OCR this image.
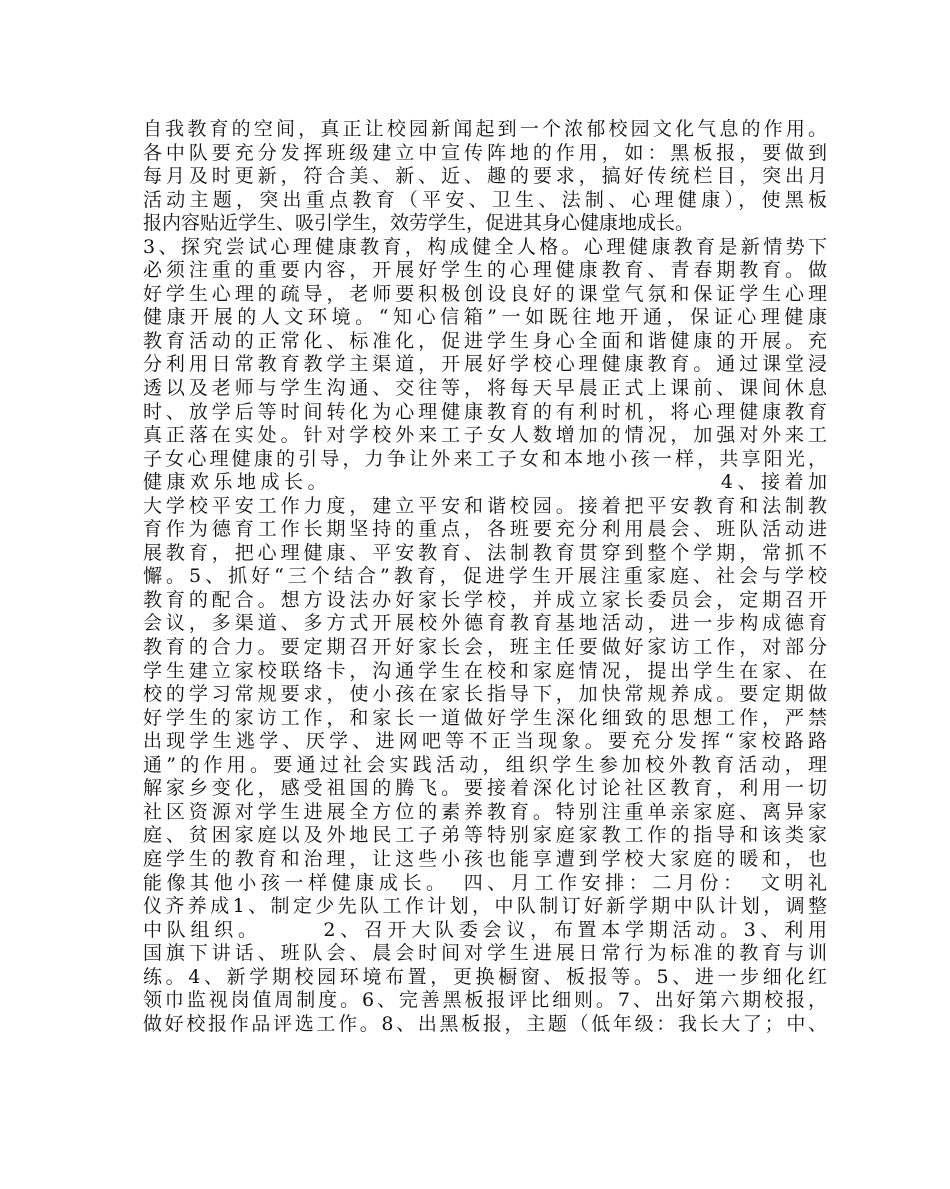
自我教育的空间，真正让校园新闻起到一个浓郁校园文化气息的作用。
各中队要充分发挥班级建立中宣传阵地的作用，如：黑板报，要做到
每月及时更新，符合美、新、近、趣的要求，搞好传统栏目，突出月
活动主题，突出重点教育（平安、卫生、法制、心理健康），使黑板
报内容贴近学生、吸引学生，效劳学生，促进其身心健康地成长。
3、探究尝试心理健康教育，构成健全人格。心理健康教育是新情势下
必须注重的重要内容，开展好学生的心理健康教育、青春期教育。做
好学生心理的疏导，老师要积极创设良好的课堂气氛和保证学生心理
健康开展的人文环境。“知心信箱”一如既往地开通，保证心理健康
教育活动的正常化、标准化，促进学生身心全面和谐健康的开展。充
分利用日常教育教学主渠道，开展好学校心理健康教育。通过课堂浸
透以及老师与学生沟通、交往等，将每天早晨正式上课前、课间休息
时、放学后等时间转化为心理健康教育的有利时机，将心理健康教育
真正落在实处。针对学校外来工子女人数增加的情况，加强对外来工
子女心理健康的引导，力争让外来工子女和本地小孩一样，共享阳光，
健康欢乐地成长。　　　　　　　　　　　　　　　　　4、接着加
大学校平安工作力度，建立平安和谐校园。接着把平安教育和法制教
育作为德育工作长期坚持的重点，各班要充分利用晨会、班队活动进
展教育，把心理健康、平安教育、法制教育贯穿到整个学期，常抓不
懈。5、抓好“三个结合”教育，促进学生开展注重家庭、社会与学校
教育的配合。想方设法办好家长学校，并成立家长委员会，定期召开
会议，多渠道、多方式开展校外德育教育基地活动，进一步构成德育
教育的合力。要定期召开好家长会，班主任要做好家访工作，对部分
学生建立家校联络卡，沟通学生在校和家庭情况，提出学生在家、在
校的学习常规要求，使小孩在家长指导下，加快常规养成。要定期做
好学生的家访工作，和家长一道做好学生深化细致的思想工作，严禁
出现学生逃学、厌学、进网吧等不正当现象。要充分发挥“家校路路
通”的作用。要通过社会实践活动，组织学生参加校外教育活动，理
解家乡变化，感受祖国的腾飞。要接着深化讨论社区教育，利用一切
社区资源对学生进展全方位的素养教育。特别注重单亲家庭、离异家
庭、贫困家庭以及外地民工子弟等特别家庭家教工作的指导和该类家
庭学生的教育和治理，让这些小孩也能享遭到学校大家庭的暖和，也
能像其他小孩一样健康成长。　四、月工作安排：二月份：　文明礼
仪齐养成1、制定少先队工作计划，中队制订好新学期中队计划，调整
中队组织。　　　2、召开大队委会议，布置本学期活动。3、利用
国旗下讲话、班队会、晨会时间对学生进展日常行为标准的教育与训
练。4、新学期校园环境布置，更换橱窗、板报等。5、进一步细化红
领巾监视岗值周制度。6、完善黑板报评比细则。7、出好第六期校报，
做好校报作品评选工作。8、出黑板报，主题（低年级：我长大了；中、
